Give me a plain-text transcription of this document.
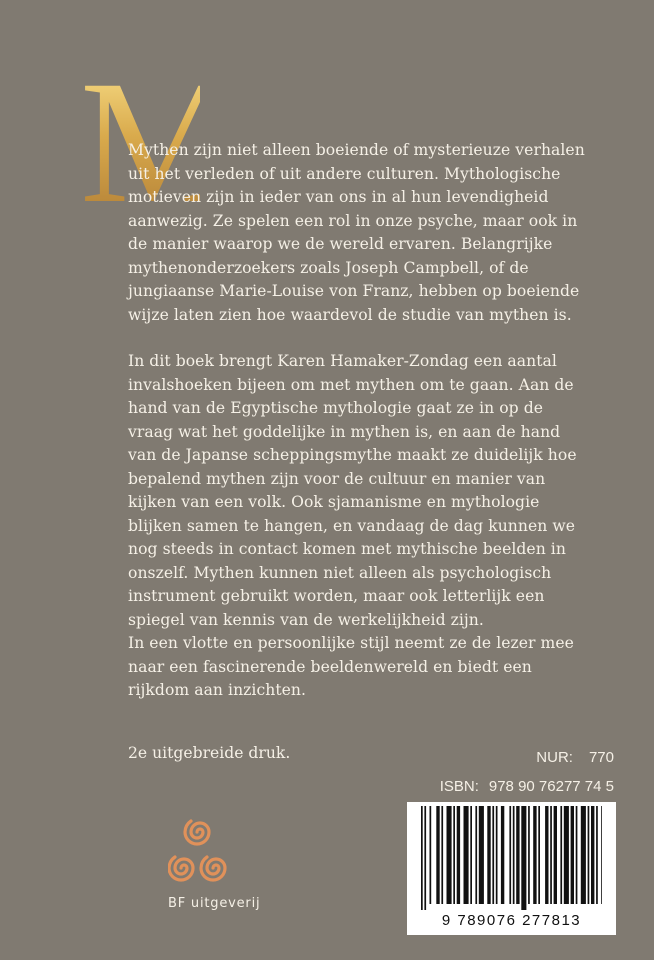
M
Mythen zijn niet alleen boeiende of mysterieuze verhalen
uit het verleden of uit andere culturen. Mythologische
motieven zijn in ieder van ons in al hun levendigheid
aanwezig. Ze spelen een rol in onze psyche, maar ook in
de manier waarop we de wereld ervaren. Belangrijke
mythenonderzoekers zoals Joseph Campbell, of de
jungiaanse Marie-Louise von Franz, hebben op boeiende
wijze laten zien hoe waardevol de studie van mythen is.
In dit boek brengt Karen Hamaker-Zondag een aantal
invalshoeken bijeen om met mythen om te gaan. Aan de
hand van de Egyptische mythologie gaat ze in op de
vraag wat het goddelijke in mythen is, en aan de hand
van de Japanse scheppingsmythe maakt ze duidelijk hoe
bepalend mythen zijn voor de cultuur en manier van
kijken van een volk. Ook sjamanisme en mythologie
blijken samen te hangen, en vandaag de dag kunnen we
nog steeds in contact komen met mythische beelden in
onszelf. Mythen kunnen niet alleen als psychologisch
instrument gebruikt worden, maar ook letterlijk een
spiegel van kennis van de werkelijkheid zijn.
In een vlotte en persoonlijke stijl neemt ze de lezer mee
naar een fascinerende beeldenwereld en biedt een
rijkdom aan inzichten.
2e uitgebreide druk.	NUR: 770
ISBN: 978 90 76277 74 5
9 789076 277813
BF uitgeverij
